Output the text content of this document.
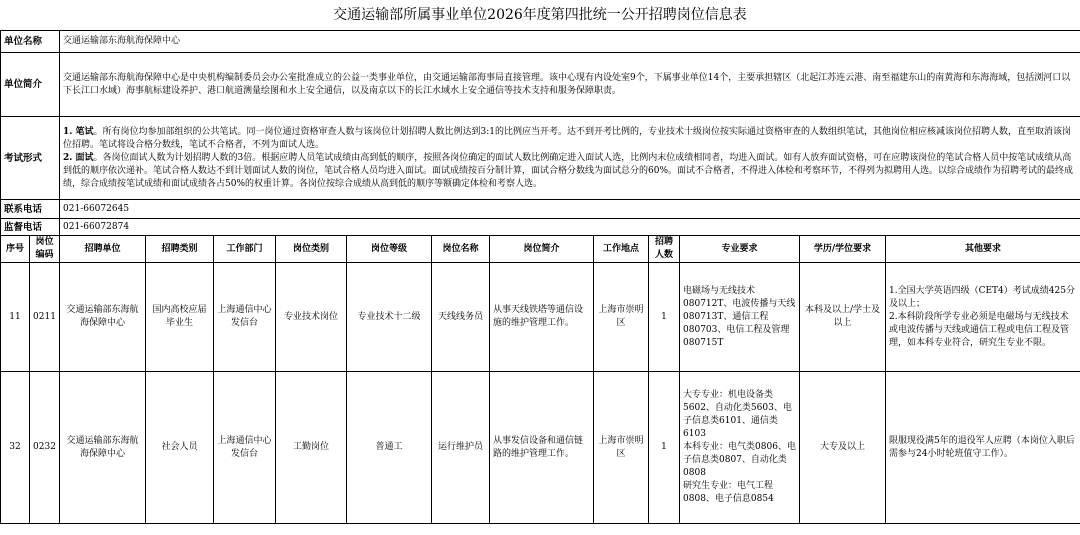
交通运输部所属事业单位2026年度第四批统一公开招聘岗位信息表
单位名称		交通运输部东海航海保障中心											
单位简介		交通运输部东海航海保障中心是中央机构编制委员会办公室批准成立的公益一类事业单位，由交通运输部海事局直接管理。该中心现有内设处室9个，下属事业单位14个，主要承担辖区（北起江苏连云港、南至福建东山的南黄海和东海海域，包括浏河口以下长江口水域）海事航标建设养护、港口航道测量绘图和水上安全通信，以及南京以下的长江水域水上安全通信等技术支持和服务保障职责。											
考试形式		1. 笔试。所有岗位均参加部组织的公共笔试。同一岗位通过资格审查人数与该岗位计划招聘人数比例达到3:1的比例应当开考。达不到开考比例的，专业技术十级岗位按实际通过资格审查的人数组织笔试，其他岗位相应核减该岗位招聘人数，直至取消该岗位招聘。笔试将设合格分数线，笔试不合格者，不列为面试人选。
2. 面试。各岗位面试人数为计划招聘人数的3倍。根据应聘人员笔试成绩由高到低的顺序，按照各岗位确定的面试人数比例确定进入面试人选，比例内末位成绩相同者，均进入面试。如有人放弃面试资格，可在应聘该岗位的笔试合格人员中按笔试成绩从高到低的顺序依次递补。笔试合格人数达不到计划面试人数的岗位，笔试合格人员均进入面试。面试成绩按百分制计算，面试合格分数线为面试总分的60%。面试不合格者，不得进入体检和考察环节，不得列为拟聘用人选。以综合成绩作为招聘考试的最终成绩，综合成绩按笔试成绩和面试成绩各占50%的权重计算。各岗位按综合成绩从高到低的顺序等额确定体检和考察人选。											
联系电话		021-66072645											
监督电话		021-66072874											
序号	岗位编码	招聘单位	招聘类别	工作部门	岗位类别	岗位等级	岗位名称	岗位简介	工作地点	招聘人数	专业要求	学历/学位要求	其他要求
11	0211	交通运输部东海航海保障中心	国内高校应届毕业生	上海通信中心发信台	专业技术岗位	专业技术十二级	天线线务员	从事天线铁塔等通信设施的维护管理工作。	上海市崇明区	1	电磁场与无线技术080712T、电波传播与天线080713T、通信工程080703、电信工程及管理080715T	本科及以上/学士及以上	1.全国大学英语四级（CET4）考试成绩425分及以上；
2.本科阶段所学专业必须是电磁场与无线技术或电波传播与天线或通信工程或电信工程及管理，如本科专业符合，研究生专业不限。
32	0232	交通运输部东海航海保障中心	社会人员	上海通信中心发信台	工勤岗位	普通工	运行维护员	从事发信设备和通信链路的维护管理工作。	上海市崇明区	1	大专专业：机电设备类5602、自动化类5603、电子信息类6101、通信类6103
本科专业：电气类0806、电子信息类0807、自动化类0808
研究生专业：电气工程0808、电子信息0854	大专及以上	限服现役满5年的退役军人应聘（本岗位入职后需参与24小时轮班值守工作）。
